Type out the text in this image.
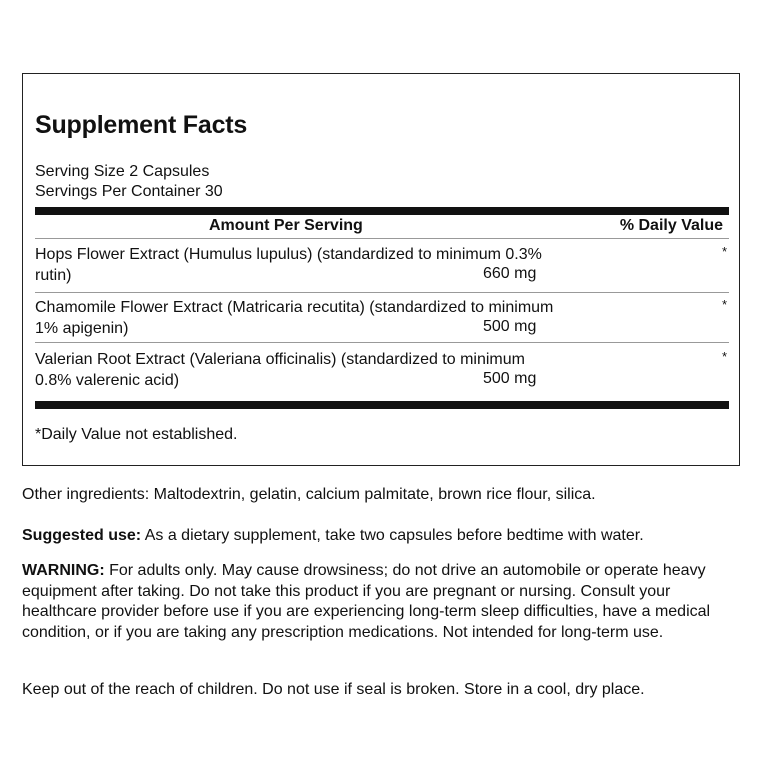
Supplement Facts
Serving Size 2 Capsules
Servings Per Container 30
Amount Per Serving	% Daily Value
Hops Flower Extract (Humulus lupulus) (standardized to minimum 0.3% rutin)	660 mg
*
Chamomile Flower Extract (Matricaria recutita) (standardized to minimum 1% apigenin)	500 mg
*
Valerian Root Extract (Valeriana officinalis) (standardized to minimum 0.8% valerenic acid)	500 mg
*
*Daily Value not established.

Other ingredients: Maltodextrin, gelatin, calcium palmitate, brown rice flour, silica.

Suggested use: As a dietary supplement, take two capsules before bedtime with water.

WARNING: For adults only. May cause drowsiness; do not drive an automobile or operate heavy equipment after taking. Do not take this product if you are pregnant or nursing. Consult your healthcare provider before use if you are experiencing long-term sleep difficulties, have a medical condition, or if you are taking any prescription medications. Not intended for long-term use.

Keep out of the reach of children. Do not use if seal is broken. Store in a cool, dry place.
